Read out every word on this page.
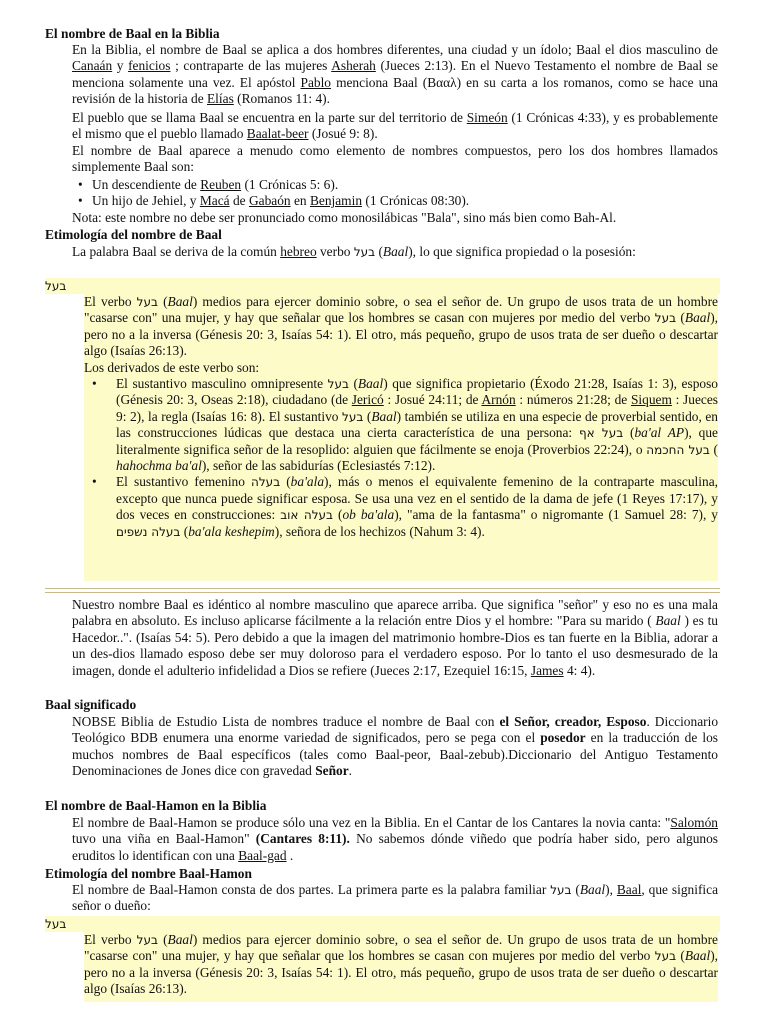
El nombre de Baal en la Biblia

En la Biblia, el nombre de Baal se aplica a dos hombres diferentes, una ciudad y un ídolo; Baal el dios masculino de Canaán y fenicios ; contraparte de las mujeres Asherah (Jueces 2:13). En el Nuevo Testamento el nombre de Baal se menciona solamente una vez. El apóstol Pablo menciona Baal (Βααλ) en su carta a los romanos, como se hace una revisión de la historia de Elías (Romanos 11: 4).

El pueblo que se llama Baal se encuentra en la parte sur del territorio de Simeón (1 Crónicas 4:33), y es probablemente el mismo que el pueblo llamado Baalat-beer (Josué 9: 8).

El nombre de Baal aparece a menudo como elemento de nombres compuestos, pero los dos hombres llamados simplemente Baal son:

• Un descendiente de Reuben (1 Crónicas 5: 6).
• Un hijo de Jehiel, y Macá de Gabaón en Benjamin (1 Crónicas 08:30).

Nota: este nombre no debe ser pronunciado como monosilábicas "Bala", sino más bien como Bah-Al.

Etimología del nombre de Baal

La palabra Baal se deriva de la común hebreo verbo בעל (Baal), lo que significa propiedad o la posesión:

בעל

El verbo בעל (Baal) medios para ejercer dominio sobre, o sea el señor de. Un grupo de usos trata de un hombre "casarse con" una mujer, y hay que señalar que los hombres se casan con mujeres por medio del verbo בעל (Baal), pero no a la inversa (Génesis 20: 3, Isaías 54: 1). El otro, más pequeño, grupo de usos trata de ser dueño o descartar algo (Isaías 26:13).

Los derivados de este verbo son:

• El sustantivo masculino omnipresente בעל (Baal) que significa propietario (Éxodo 21:28, Isaías 1: 3), esposo (Génesis 20: 3, Oseas 2:18), ciudadano (de Jericó : Josué 24:11; de Arnón : números 21:28; de Siquem : Jueces 9: 2), la regla (Isaías 16: 8). El sustantivo בעל (Baal) también se utiliza en una especie de proverbial sentido, en las construcciones lúdicas que destaca una cierta característica de una persona: בעל אף (ba'al AP), que literalmente significa señor de la resoplido: alguien que fácilmente se enoja (Proverbios 22:24), o בעל החכמה ( hahochma ba'al), señor de las sabidurías (Eclesiastés 7:12).
• El sustantivo femenino בעלה (ba'ala), más o menos el equivalente femenino de la contraparte masculina, excepto que nunca puede significar esposa. Se usa una vez en el sentido de la dama de jefe (1 Reyes 17:17), y dos veces en construcciones: בעלה אוב (ob ba'ala), "ama de la fantasma" o nigromante (1 Samuel 28: 7), y בעלה נשפים (ba'ala keshepim), señora de los hechizos (Nahum 3: 4).

Nuestro nombre Baal es idéntico al nombre masculino que aparece arriba. Que significa "señor" y eso no es una mala palabra en absoluto. Es incluso aplicarse fácilmente a la relación entre Dios y el hombre: "Para su marido ( Baal ) es tu Hacedor..". (Isaías 54: 5). Pero debido a que la imagen del matrimonio hombre-Dios es tan fuerte en la Biblia, adorar a un des-dios llamado esposo debe ser muy doloroso para el verdadero esposo. Por lo tanto el uso desmesurado de la imagen, donde el adulterio infidelidad a Dios se refiere (Jueces 2:17, Ezequiel 16:15, James 4: 4).

Baal significado

NOBSE Biblia de Estudio Lista de nombres traduce el nombre de Baal con el Señor, creador, Esposo. Diccionario Teológico BDB enumera una enorme variedad de significados, pero se pega con el posedor en la traducción de los muchos nombres de Baal específicos (tales como Baal-peor, Baal-zebub).Diccionario del Antiguo Testamento Denominaciones de Jones dice con gravedad Señor.

El nombre de Baal-Hamon en la Biblia

El nombre de Baal-Hamon se produce sólo una vez en la Biblia. En el Cantar de los Cantares la novia canta: "Salomón tuvo una viña en Baal-Hamon" (Cantares 8:11). No sabemos dónde viñedo que podría haber sido, pero algunos eruditos lo identifican con una Baal-gad .

Etimología del nombre Baal-Hamon

El nombre de Baal-Hamon consta de dos partes. La primera parte es la palabra familiar בעל (Baal), Baal, que significa señor o dueño:

בעל

El verbo בעל (Baal) medios para ejercer dominio sobre, o sea el señor de. Un grupo de usos trata de un hombre "casarse con" una mujer, y hay que señalar que los hombres se casan con mujeres por medio del verbo בעל (Baal), pero no a la inversa (Génesis 20: 3, Isaías 54: 1). El otro, más pequeño, grupo de usos trata de ser dueño o descartar algo (Isaías 26:13).
